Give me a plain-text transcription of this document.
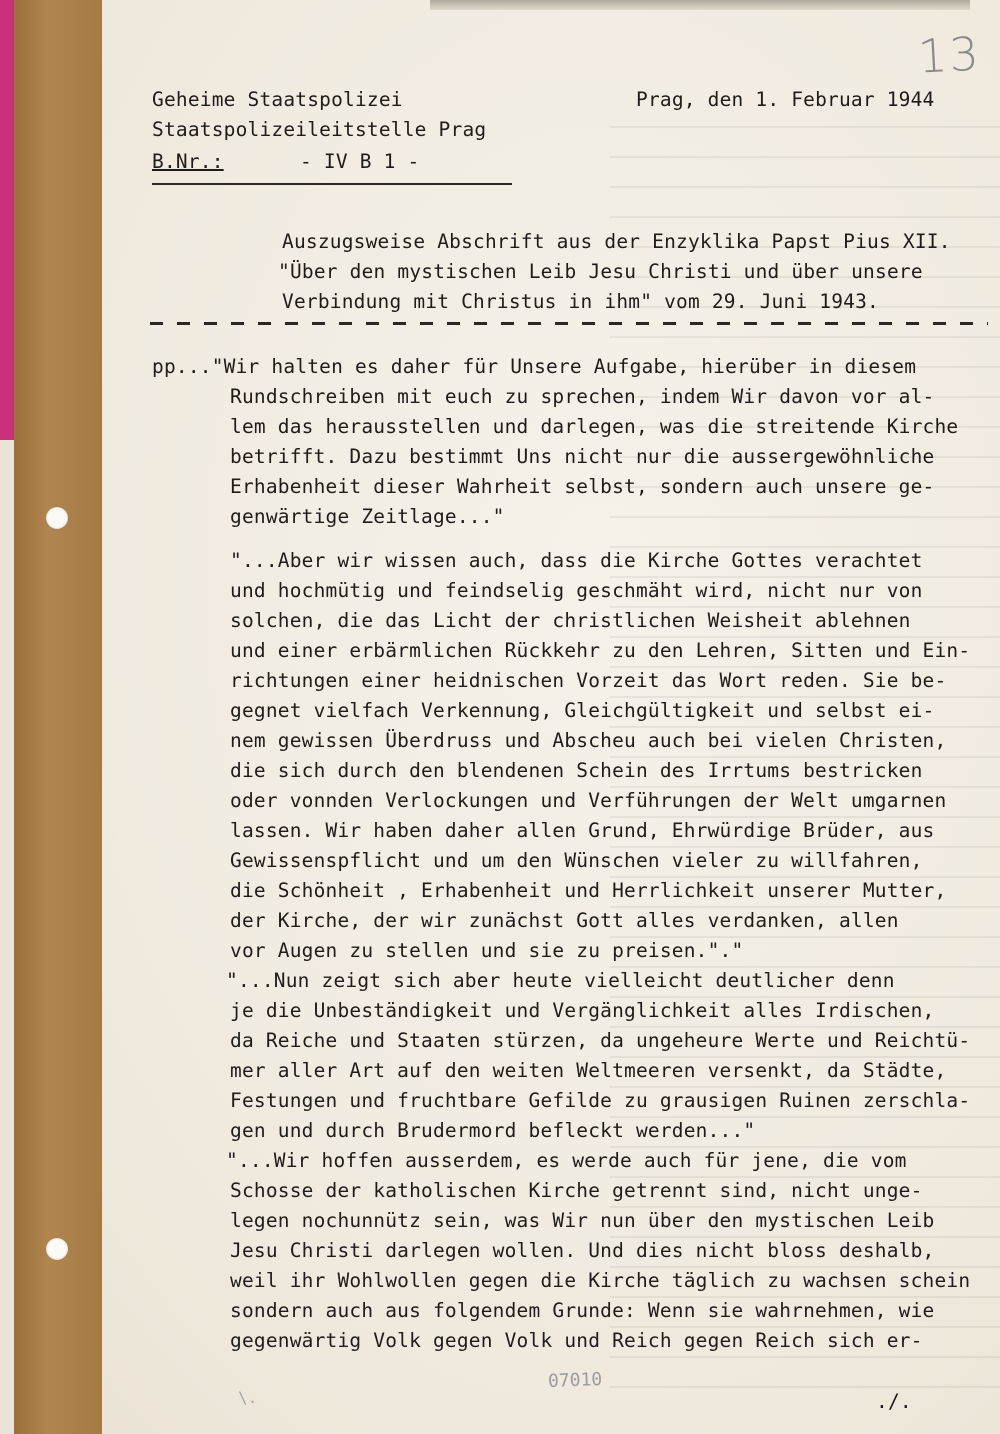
13
Geheime Staatspolizei	Prag, den 1. Februar 1944
Staatspolizeileitstelle Prag
B.Nr.:	- IV B 1 -
Auszugsweise Abschrift aus der Enzyklika Papst Pius XII.
"Über den mystischen Leib Jesu Christi und über unsere
Verbindung mit Christus in ihm" vom 29. Juni 1943.
pp..."Wir halten es daher für Unsere Aufgabe, hierüber in diesem
Rundschreiben mit euch zu sprechen, indem Wir davon vor al-
lem das herausstellen und darlegen, was die streitende Kirche
betrifft. Dazu bestimmt Uns nicht nur die aussergewöhnliche
Erhabenheit dieser Wahrheit selbst, sondern auch unsere ge-
genwärtige Zeitlage..."
"...Aber wir wissen auch, dass die Kirche Gottes verachtet
und hochmütig und feindselig geschmäht wird, nicht nur von
solchen, die das Licht der christlichen Weisheit ablehnen
und einer erbärmlichen Rückkehr zu den Lehren, Sitten und Ein-
richtungen einer heidnischen Vorzeit das Wort reden. Sie be-
gegnet vielfach Verkennung, Gleichgültigkeit und selbst ei-
nem gewissen Überdruss und Abscheu auch bei vielen Christen,
die sich durch den blendenen Schein des Irrtums bestricken
oder vonnden Verlockungen und Verführungen der Welt umgarnen
lassen. Wir haben daher allen Grund, Ehrwürdige Brüder, aus
Gewissenspflicht und um den Wünschen vieler zu willfahren,
die Schönheit , Erhabenheit und Herrlichkeit unserer Mutter,
der Kirche, der wir zunächst Gott alles verdanken, allen
vor Augen zu stellen und sie zu preisen."."
"...Nun zeigt sich aber heute vielleicht deutlicher denn
je die Unbeständigkeit und Vergänglichkeit alles Irdischen,
da Reiche und Staaten stürzen, da ungeheure Werte und Reichtü-
mer aller Art auf den weiten Weltmeeren versenkt, da Städte,
Festungen und fruchtbare Gefilde zu grausigen Ruinen zerschla-
gen und durch Brudermord befleckt werden..."
"...Wir hoffen ausserdem, es werde auch für jene, die vom
Schosse der katholischen Kirche getrennt sind, nicht unge-
legen nochunnütz sein, was Wir nun über den mystischen Leib
Jesu Christi darlegen wollen. Und dies nicht bloss deshalb,
weil ihr Wohlwollen gegen die Kirche täglich zu wachsen schein
sondern auch aus folgendem Grunde: Wenn sie wahrnehmen, wie
gegenwärtig Volk gegen Volk und Reich gegen Reich sich er-
./.
07010
\.
